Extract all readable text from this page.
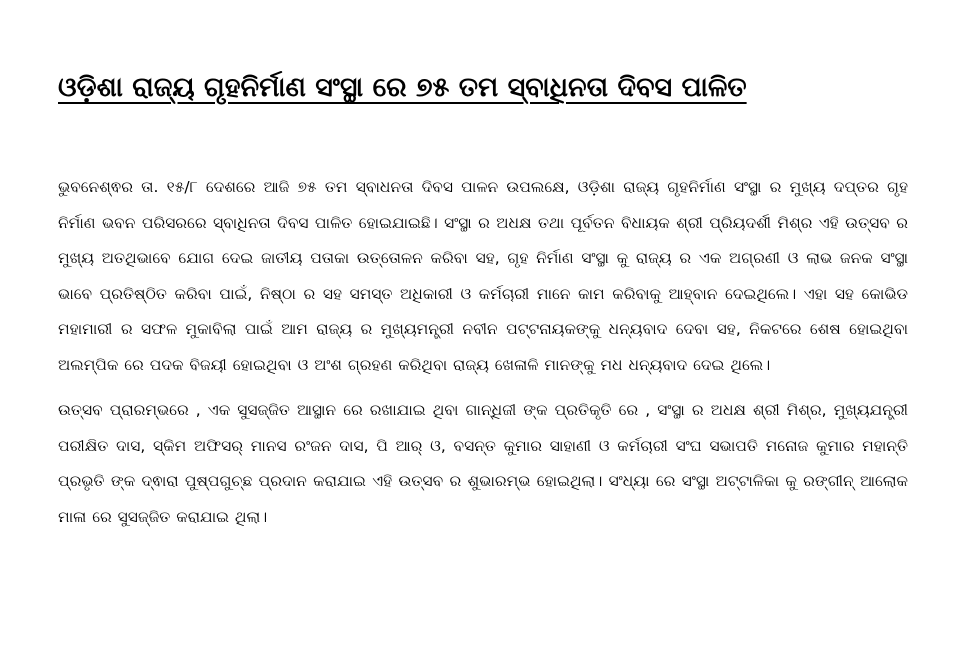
ଓଡ଼ିଶା ରାଜ୍ୟ ଗୃହନିର୍ମାଣ ସଂସ୍ଥା ରେ ୭୫ ତମ ସ୍ବାଧିନତା ଦିବସ ପାଳିତ

ଭୁବନେଶ୍ଵର ତା. ୧୫/୮ ଦେଶରେ ଆଜି ୭୫ ତମ ସ୍ବାଧନତା ଦିବସ ପାଳନ ଉପଲକ୍ଷେ, ଓଡ଼ିଶା ରାଜ୍ୟ ଗୃହନିର୍ମାଣ ସଂସ୍ଥା ର ମୁଖ୍ୟ ଦପ୍ତର ଗୃହ ନିର୍ମାଣ ଭବନ ପରିସରରେ ସ୍ବାଧିନତା ଦିବସ ପାଳିତ ହୋଇଯାଇଛି। ସଂସ୍ଥା ର ଅଧକ୍ଷ ତଥା ପୂର୍ବତନ ବିଧାୟକ ଶ୍ରୀ ପ୍ରିୟଦର୍ଶୀ ମିଶ୍ର ଏହି ଉତ୍ସବ ର ମୁଖ୍ୟ ଅତଥିଭାବେ ଯୋଗ ଦେଇ ଜାତୀୟ ପତାକା ଉତ୍ତୋଳନ କରିବା ସହ, ଗୃହ ନିର୍ମାଣ ସଂସ୍ଥା କୁ ରାଜ୍ୟ ର ଏକ ଅଗ୍ରଣୀ ଓ ଲାଭ ଜନକ ସଂସ୍ଥା ଭାବେ ପ୍ରତିଷ୍ଠିତ କରିବା ପାଇଁ, ନିଷ୍ଠା ର ସହ ସମସ୍ତ ଅଧିକାରୀ ଓ କର୍ମଚାରୀ ମାନେ କାମ କରିବାକୁ ଆହ୍ବାନ ଦେଇଥିଲେ। ଏହା ସହ କୋଭିଡ ମହାମାରୀ ର ସଫଳ ମୁକାବିଲା ପାଇଁ ଆମ ରାଜ୍ୟ ର ମୁଖ୍ୟମନ୍ତ୍ରୀ ନବୀନ ପଟ୍ଟନାୟକଙ୍କୁ ଧନ୍ୟବାଦ ଦେବା ସହ, ନିକଟରେ ଶେଷ ହୋଇଥିବା ଅଲମ୍ପିକ ରେ ପଦକ ବିଜୟୀ ହୋଇଥିବା ଓ ଅଂଶ ଗ୍ରହଣ କରିଥିବା ରାଜ୍ୟ ଖେଳାଳି ମାନଙ୍କୁ ମଧ ଧନ୍ୟବାଦ ଦେଇ ଥିଲେ।

ଉତ୍ସବ ପ୍ରାରମ୍ଭରେ , ଏକ ସୁସଜ୍ଜିତ ଆସ୍ଥାନ ରେ ରଖାଯାଇ ଥିବା ଗାନ୍ଧିଜୀ ଙ୍କ ପ୍ରତିକୃତି ରେ , ସଂସ୍ଥା ର ଅଧକ୍ଷ ଶ୍ରୀ ମିଶ୍ର, ମୁଖ୍ୟଯନ୍ତ୍ରୀ ପରୀକ୍ଷିତ ଦାସ, ସ୍କିମ ଅଫିସର୍ ମାନସ ରଂଜନ ଦାସ, ପି ଆର୍ ଓ, ବସନ୍ତ କୁମାର ସାହାଣୀ ଓ କର୍ମଚାରୀ ସଂଘ ସଭାପତି ମନୋଜ କୁମାର ମହାନ୍ତି ପ୍ରଭୃତି ଙ୍କ ଦ୍ଵାରା ପୁଷ୍ପଗୁଚ୍ଛ ପ୍ରଦାନ କରାଯାଇ ଏହି ଉତ୍ସବ ର ଶୁଭାରମ୍ଭ ହୋଇଥିଲା। ସଂଧ୍ୟା ରେ ସଂସ୍ଥା ଅଟ୍ଟାଳିକା କୁ ରଙ୍ଗୀନ୍ ଆଲୋକ ମାଳା ରେ ସୁସଜ୍ଜିତ କରାଯାଇ ଥିଲା।
